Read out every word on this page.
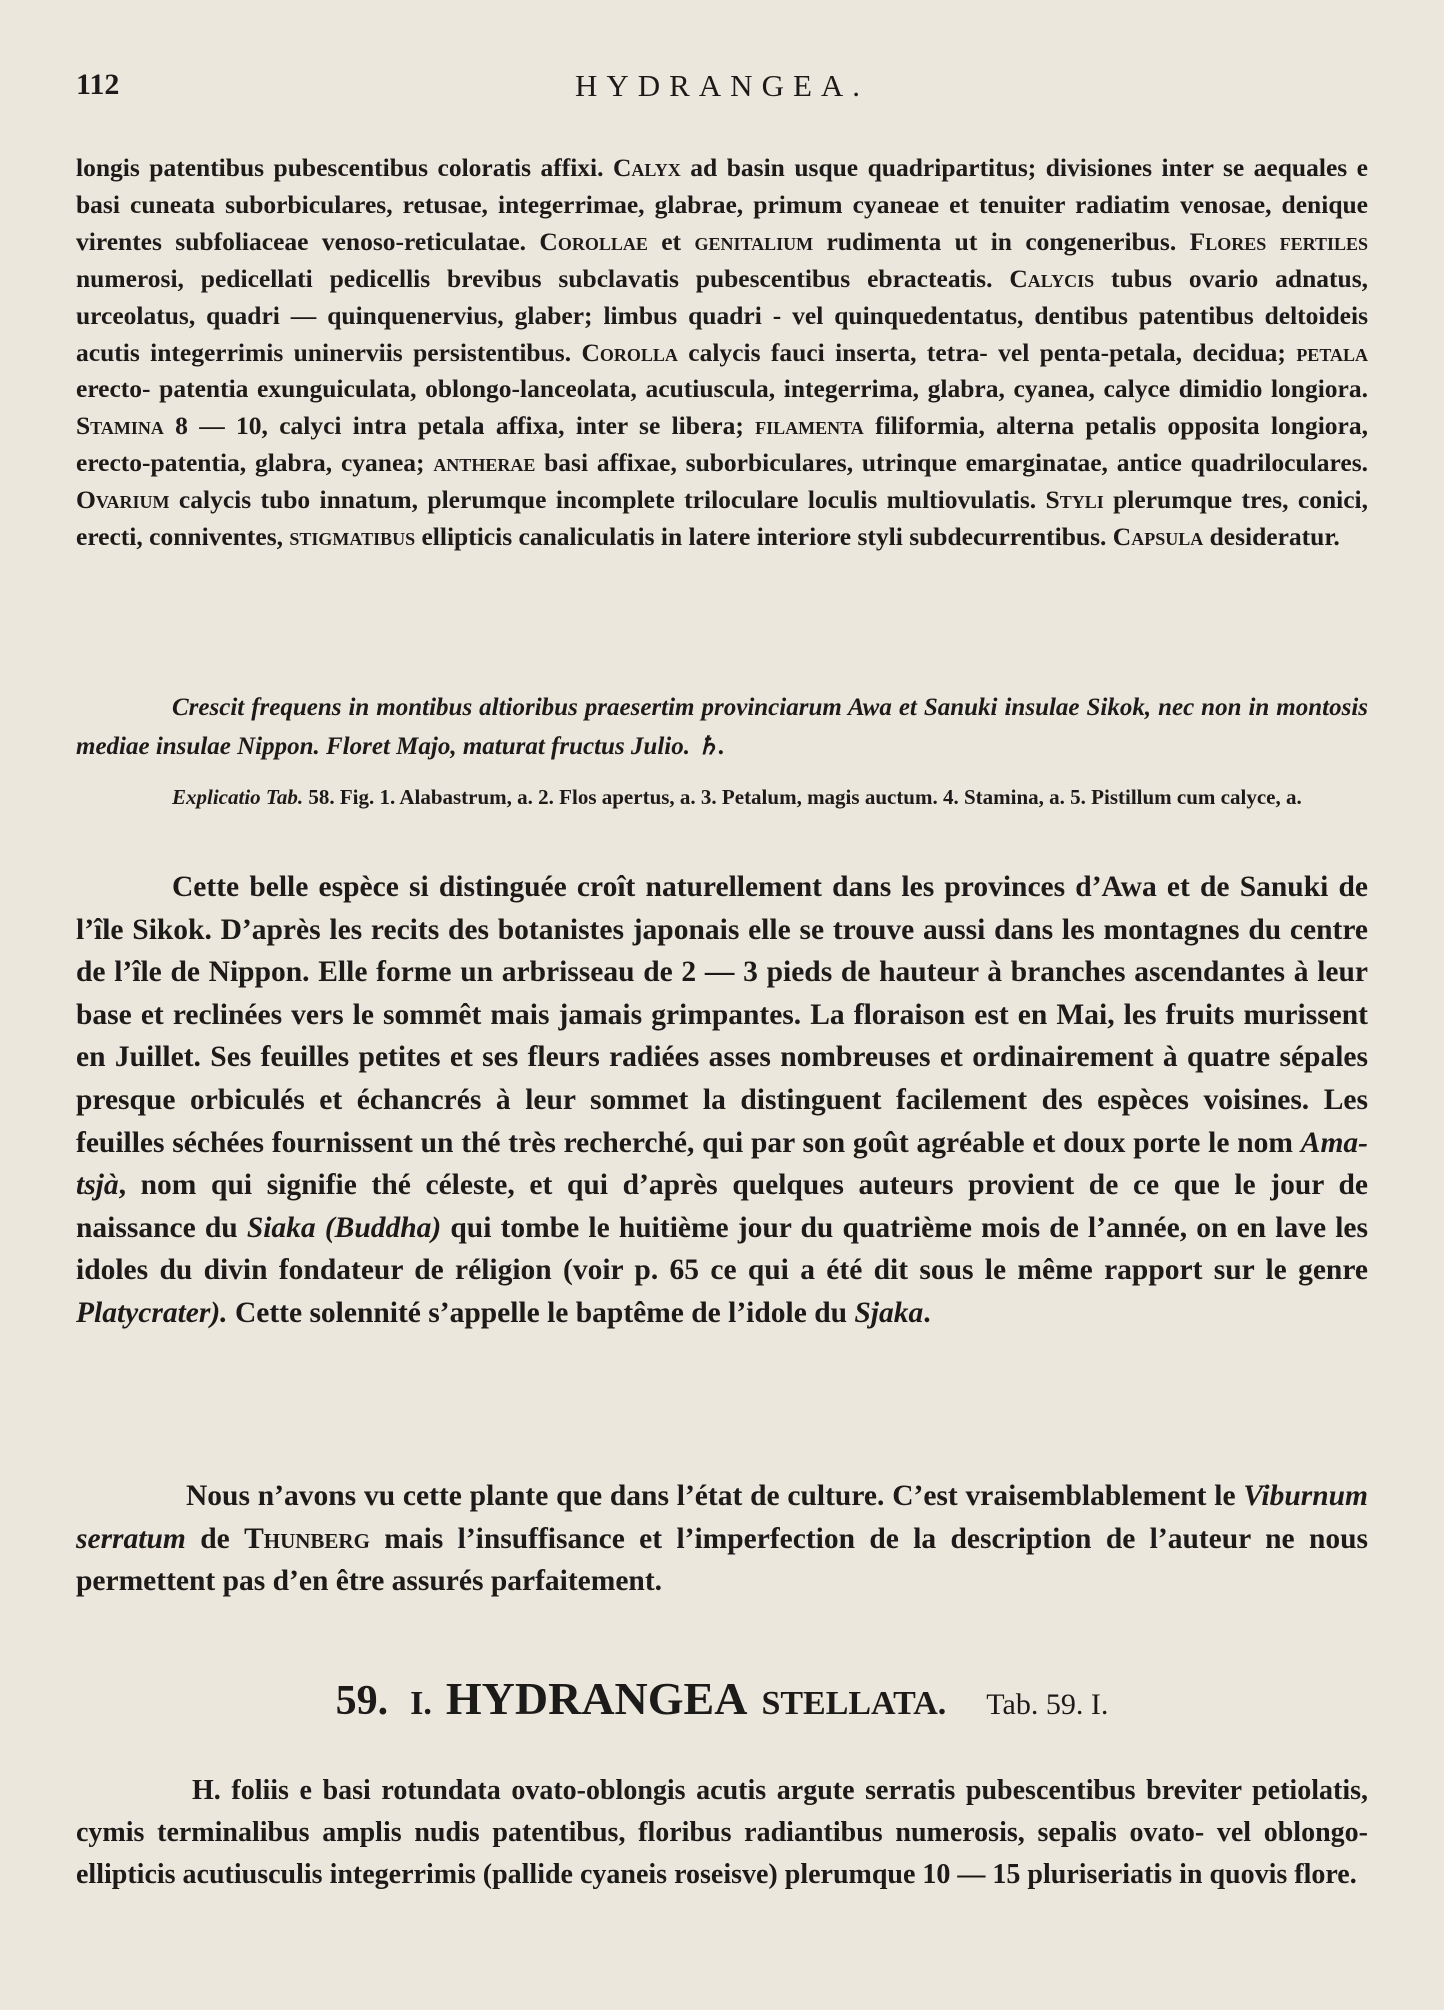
112	HYDRANGEA.
longis patentibus pubescentibus coloratis affixi. Calyx ad basin usque quadripartitus; divisiones inter se aequales e basi cuneata suborbiculares, retusae, integerrimae, glabrae, primum cyaneae et tenuiter radiatim venosae, denique virentes subfoliaceae venoso-reticulatae. Corollae et genitalium rudimenta ut in congeneribus. Flores fertiles numerosi, pedicellati pedicellis brevibus subclavatis pubescentibus ebracteatis. Calycis tubus ovario adnatus, urceolatus, quadri — quinquenervius, glaber; limbus quadri - vel quinquedentatus, dentibus patentibus deltoideis acutis integerrimis uninerviis persistentibus. Corolla calycis fauci inserta, tetra- vel penta-petala, decidua; petala erecto- patentia exunguiculata, oblongo-lanceolata, acutiuscula, integerrima, glabra, cyanea, calyce dimidio longiora. Stamina 8 — 10, calyci intra petala affixa, inter se libera; filamenta filiformia, alterna petalis opposita longiora, erecto-patentia, glabra, cyanea; antherae basi affixae, suborbiculares, utrinque emarginatae, antice quadriloculares. Ovarium calycis tubo innatum, plerumque incomplete triloculare loculis multiovulatis. Styli plerumque tres, conici, erecti, conniventes, stigmatibus ellipticis canaliculatis in latere interiore styli subdecurrentibus. Capsula desideratur.
Crescit frequens in montibus altioribus praesertim provinciarum Awa et Sanuki insulae Sikok, nec non in montosis mediae insulae Nippon. Floret Majo, maturat fructus Julio. ♄.
Explicatio Tab. 58. Fig. 1. Alabastrum, a. 2. Flos apertus, a. 3. Petalum, magis auctum. 4. Stamina, a. 5. Pistillum cum calyce, a.
Cette belle espèce si distinguée croît naturellement dans les provinces d’Awa et de Sanuki de l’île Sikok. D’après les recits des botanistes japonais elle se trouve aussi dans les montagnes du centre de l’île de Nippon. Elle forme un arbrisseau de 2 — 3 pieds de hauteur à branches ascendantes à leur base et reclinées vers le sommêt mais jamais grimpantes. La floraison est en Mai, les fruits murissent en Juillet. Ses feuilles petites et ses fleurs radiées asses nombreuses et ordinairement à quatre sépales presque orbiculés et échancrés à leur sommet la distinguent facilement des espèces voisines. Les feuilles séchées fournissent un thé très recherché, qui par son goût agréable et doux porte le nom Ama-tsjà, nom qui signifie thé céleste, et qui d’après quelques auteurs provient de ce que le jour de naissance du Siaka (Buddha) qui tombe le huitième jour du quatrième mois de l’année, on en lave les idoles du divin fondateur de réligion (voir p. 65 ce qui a été dit sous le même rapport sur le genre Platycrater). Cette solennité s’appelle le baptême de l’idole du Sjaka.
Nous n’avons vu cette plante que dans l’état de culture. C’est vraisemblablement le Viburnum serratum de Thunberg mais l’insuffisance et l’imperfection de la description de l’auteur ne nous permettent pas d’en être assurés parfaitement.
59. I. HYDRANGEA STELLATA. Tab. 59. I.
H. foliis e basi rotundata ovato-oblongis acutis argute serratis pubescentibus breviter petiolatis, cymis terminalibus amplis nudis patentibus, floribus radiantibus numerosis, sepalis ovato- vel oblongo-ellipticis acutiusculis integerrimis (pallide cyaneis roseisve) plerumque 10 — 15 pluriseriatis in quovis flore.
